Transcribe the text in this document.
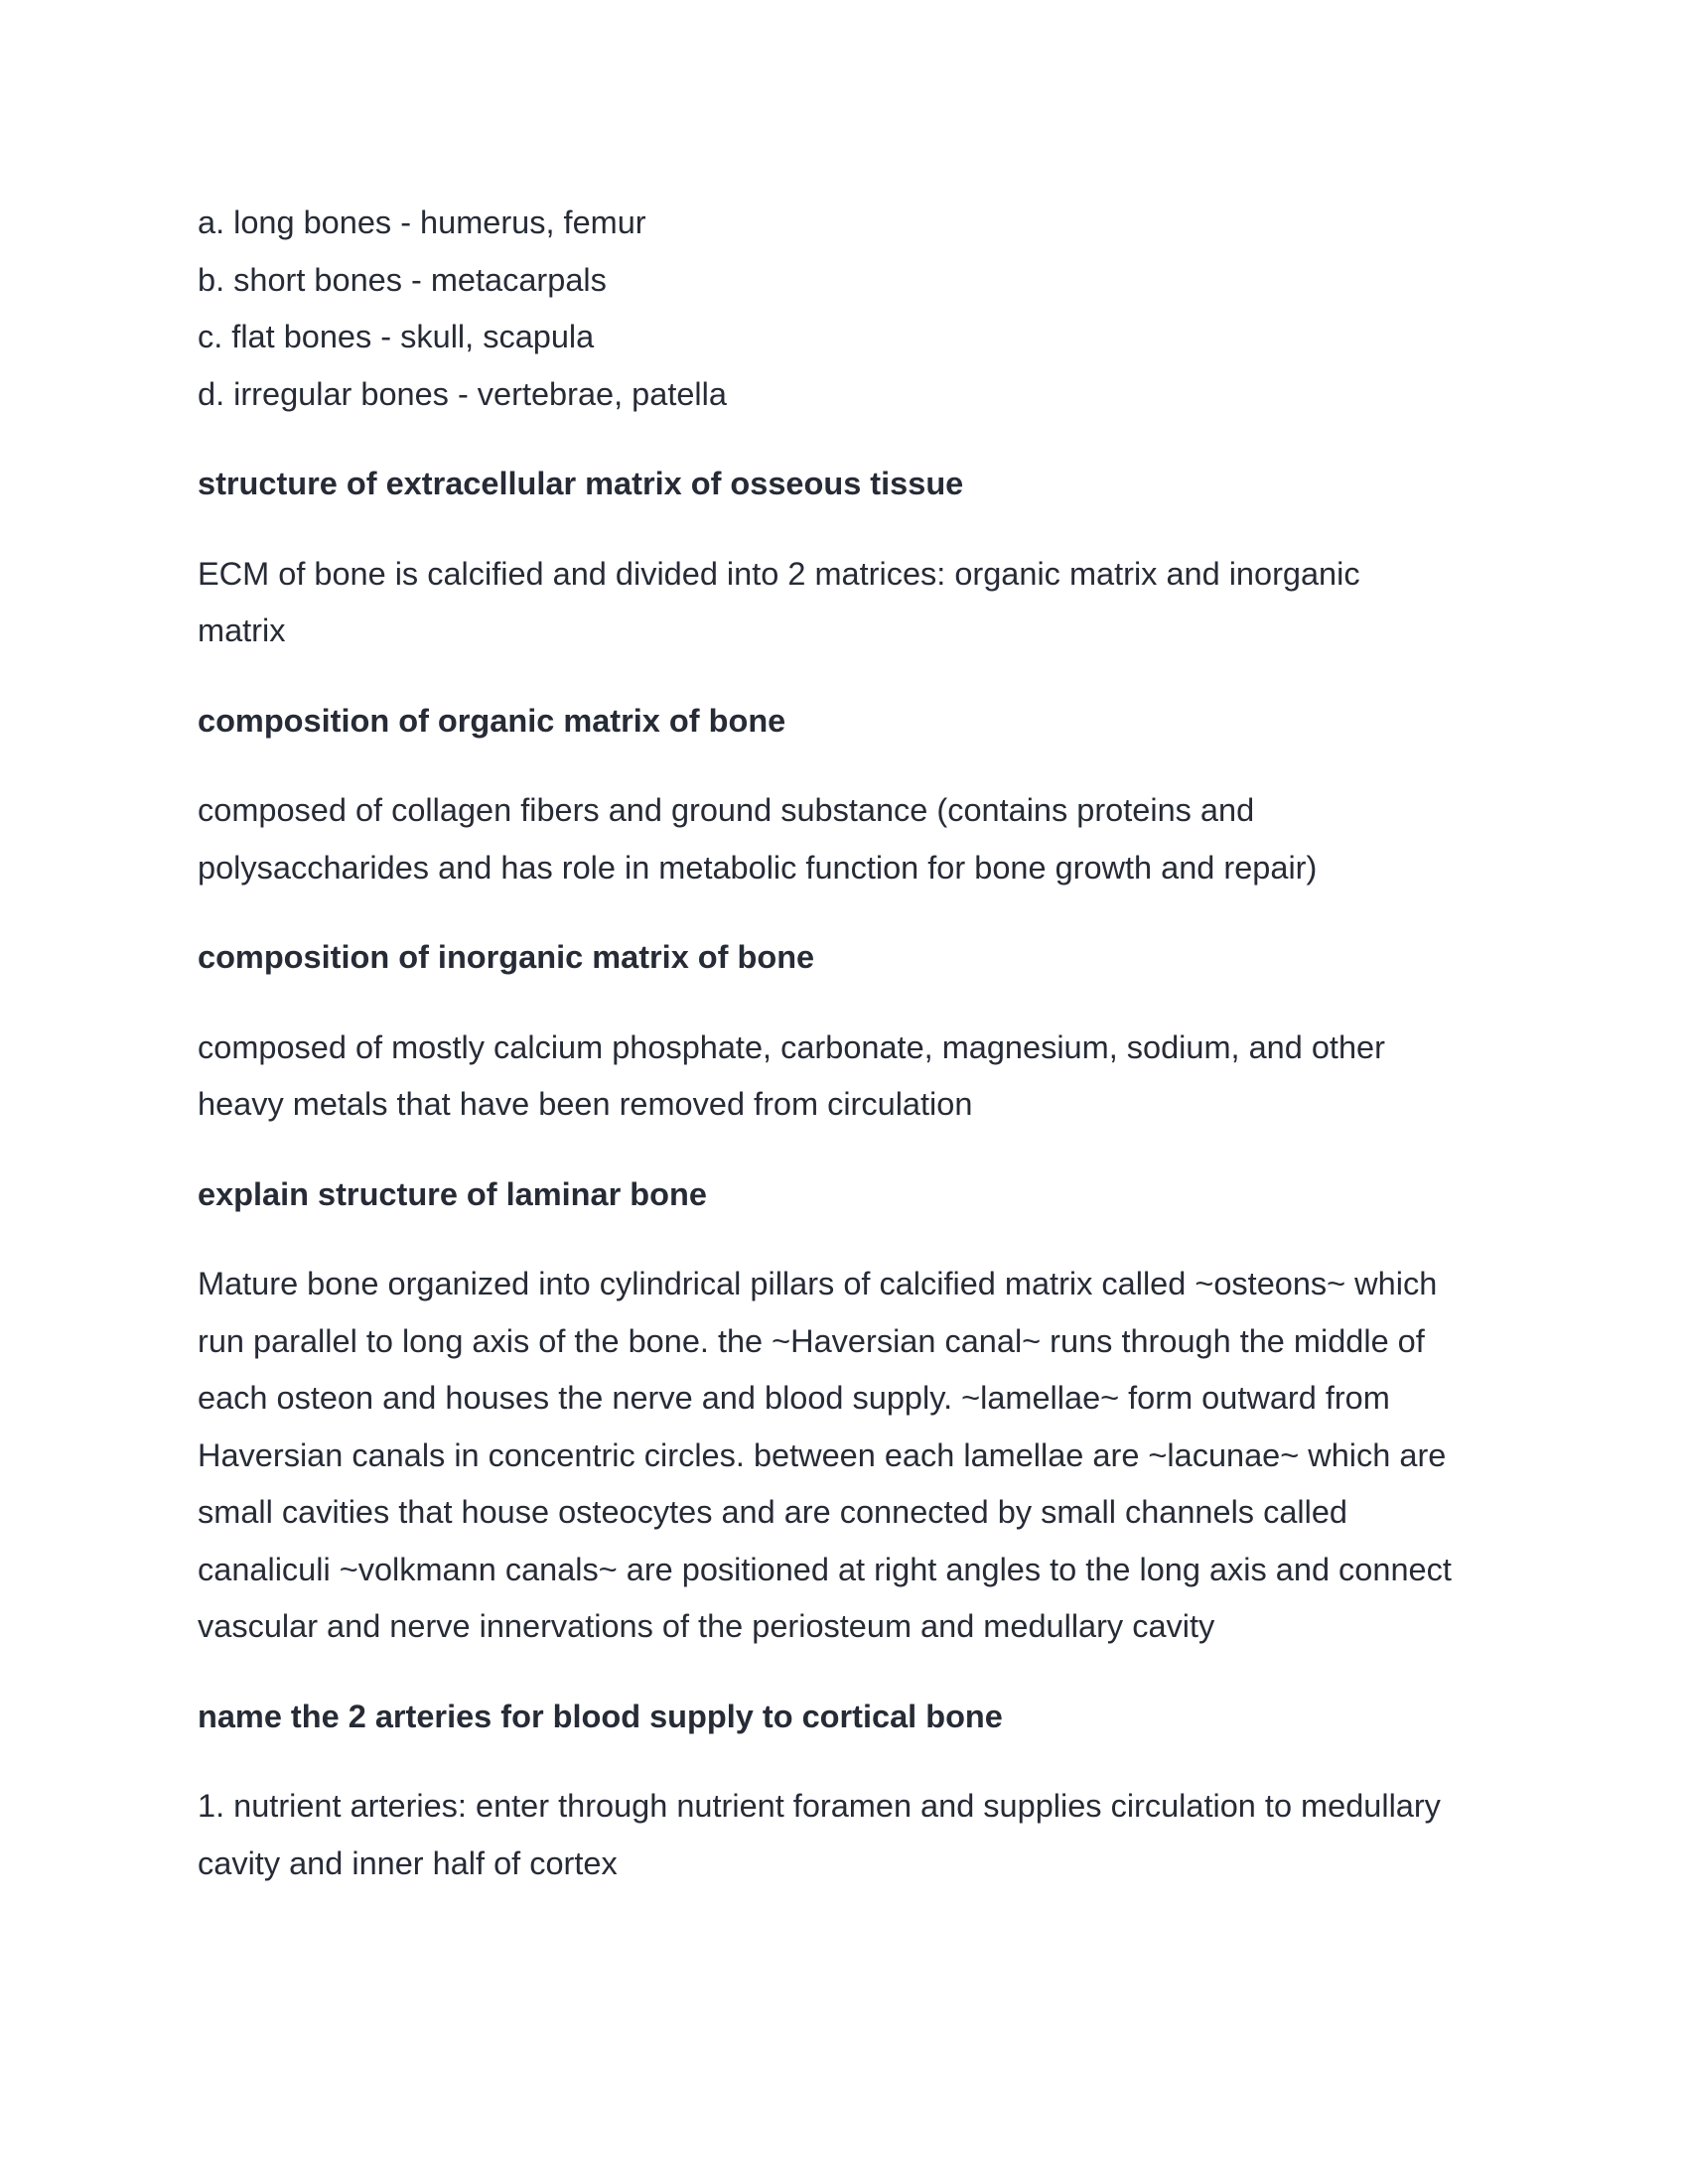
a. long bones - humerus, femur
b. short bones - metacarpals
c. flat bones - skull, scapula
d. irregular bones - vertebrae, patella

structure of extracellular matrix of osseous tissue

ECM of bone is calcified and divided into 2 matrices: organic matrix and inorganic

matrix

composition of organic matrix of bone

composed of collagen fibers and ground substance (contains proteins and

polysaccharides and has role in metabolic function for bone growth and repair)

composition of inorganic matrix of bone

composed of mostly calcium phosphate, carbonate, magnesium, sodium, and other

heavy metals that have been removed from circulation

explain structure of laminar bone

Mature bone organized into cylindrical pillars of calcified matrix called ~osteons~ which

run parallel to long axis of the bone. the ~Haversian canal~ runs through the middle of

each osteon and houses the nerve and blood supply. ~lamellae~ form outward from

Haversian canals in concentric circles. between each lamellae are ~lacunae~ which are

small cavities that house osteocytes and are connected by small channels called

canaliculi ~volkmann canals~ are positioned at right angles to the long axis and connect

vascular and nerve innervations of the periosteum and medullary cavity

name the 2 arteries for blood supply to cortical bone

1. nutrient arteries: enter through nutrient foramen and supplies circulation to medullary

cavity and inner half of cortex
